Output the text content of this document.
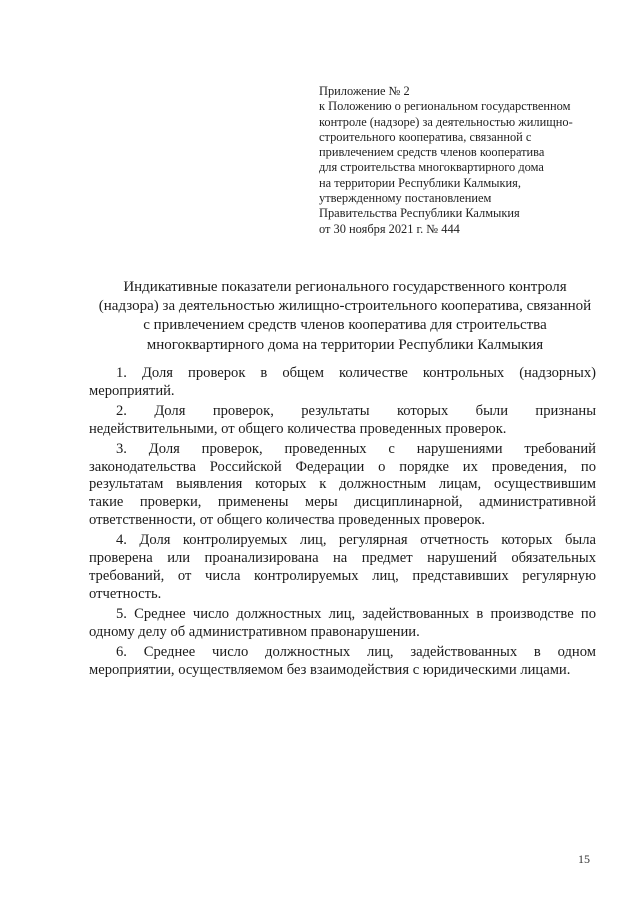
Приложение № 2
к Положению о региональном государственном
контроле (надзоре) за деятельностью жилищно-
строительного кооператива, связанной с
привлечением средств членов кооператива
для строительства многоквартирного дома
на территории Республики Калмыкия,
утвержденному постановлением
Правительства Республики Калмыкия
от 30 ноября 2021 г. № 444
Индикативные показатели регионального государственного контроля
(надзора) за деятельностью жилищно-строительного кооператива, связанной
с привлечением средств членов кооператива для строительства
многоквартирного дома на территории Республики Калмыкия
1. Доля проверок в общем количестве контрольных (надзорных)
мероприятий.
2. Доля проверок, результаты которых были признаны
недействительными, от общего количества проведенных проверок.
3. Доля проверок, проведенных с нарушениями требований
законодательства Российской Федерации о порядке их проведения, по
результатам выявления которых к должностным лицам, осуществившим
такие проверки, применены меры дисциплинарной, административной
ответственности, от общего количества проведенных проверок.
4. Доля контролируемых лиц, регулярная отчетность которых была
проверена или проанализирована на предмет нарушений обязательных
требований, от числа контролируемых лиц, представивших регулярную
отчетность.
5. Среднее число должностных лиц, задействованных в производстве по
одному делу об административном правонарушении.
6. Среднее число должностных лиц, задействованных в одном
мероприятии, осуществляемом без взаимодействия с юридическими лицами.
15
